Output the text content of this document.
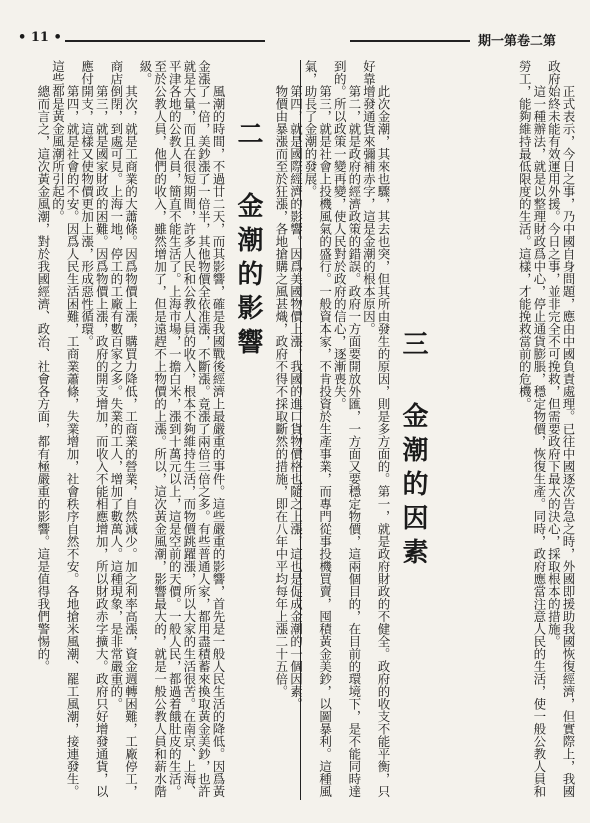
• 11 •	期一第卷二第
二 金潮的影響

風潮的時間，不過廿二天，而其影響，確是我國戰後經濟上最嚴重的事件。這些嚴重的影響，首先是一般人民生活的降低。因爲黃金漲了一倍，美鈔漲了一倍半，其他物價全依准漲，不斷漲。竟漲了兩倍三倍之多。有些普通人家，都用盡積蓄來換取黃金美鈔，也許就是大量，而且在很短期間，許多人民和公教人員的收入，根本不夠維持生活，而物價跳躍漲，所以大家的生活很苦。在南京、上海、平津各地的公教人員，簡直不能生活了。上海市場，一擔白米，漲到十萬元以上，這是空前的天價。一般人民，都過着餓肚皮的生活。至於公教人員，他們的收入，雖然增加了，但是遠趕不上物價的上漲。所以，這次黃金風潮，影響最大的，就是一般公教人員和薪水階級。

其次，就是工商業的大蕭條。因爲物價上漲，購買力降低，工商業的營業，自然減少。加之利率高漲，資金週轉困難，工廠停工，商店倒閉，到處可見。上海一地，停工的工廠有數百家之多。失業的工人，增加了數萬人。這種現象，是非常嚴重的。

第三，就是國家財政的困難。因爲物價上漲，政府的開支增加，而收入不能相應增加，所以財政赤字擴大。政府只好增發通貨，以應付開支，這樣又使物價更加上漲，形成惡性循環。

第四，就是社會的不安。因爲人民生活困難，工商業蕭條，失業增加，社會秩序自然不安。各地搶米風潮、罷工風潮，接連發生。這些都是黃金風潮所引起的。

總而言之，這次黃金風潮，對於我國經濟、政治、社會各方面，都有極嚴重的影響。這是值得我們警惕的。	正式表示，今日之事，乃中國自身問題，應由中國負責處理。已往中國逐次告急之時，外國即援助我國恢復經濟，但實際上，我國政府始終未能有效運用外援。今日之事，並非完全不可挽救，但需要政府下最大的決心，採取根本的措施。

這一種辦法，就是以整理財政爲中心，停止通貨膨脹，穩定物價，恢復生產。同時，政府應當注意人民的生活，使一般公教人員和勞工，能夠維持最低限度的生活。這樣，才能挽救當前的危機。

三 金潮的因素

此次金潮，其來也驟，其去也突，但其所由發生的原因，則是多方面的。第一，就是政府財政的不健全。政府的收支不能平衡，只好靠增發通貨來彌補赤字，這是金潮的根本原因。

第二，就是政府的經濟政策的錯誤。政府一方面要開放外匯，一方面又要穩定物價，這兩個目的，在目前的環境下，是不能同時達到的。所以政策一變再變，使人民對於政府的信心，逐漸喪失。

第三，就是社會上投機風氣的盛行。一般資本家，不肯投資於生產事業，而專門從事投機買賣，囤積黃金美鈔，以圖暴利。這種風氣，助長了金潮的發展。

第四，就是國際經濟的影響。因爲美國物價上漲，我國的進口貨物價格也隨之上漲，這也是促成金潮的一個因素。

物價由暴漲而至於狂漲，各地搶購之風甚熾，政府不得不採取斷然的措施，即在八年中平均每年上漲二十五倍。
